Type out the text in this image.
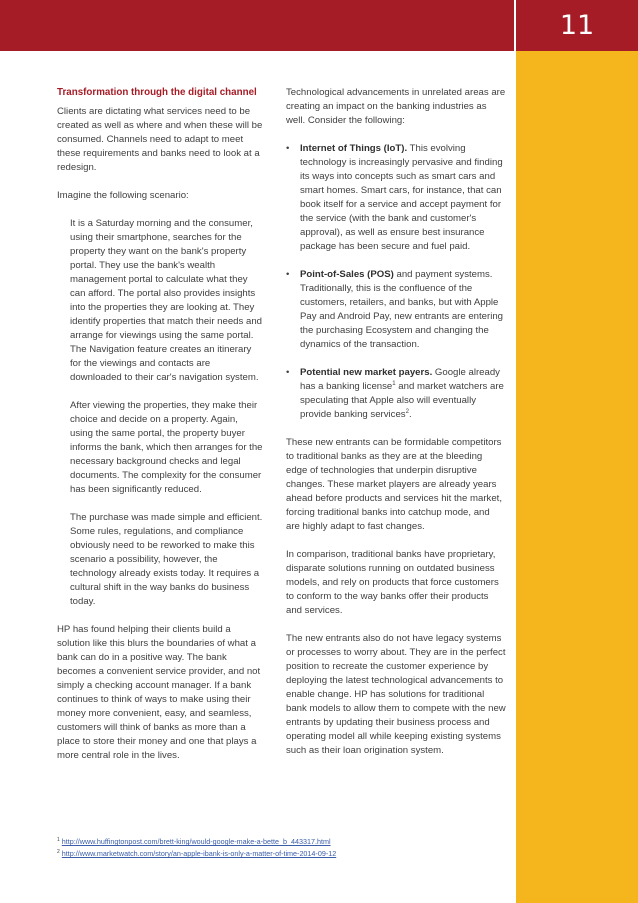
11
Transformation through the digital channel

Clients are dictating what services need to be created as well as where and when these will be consumed. Channels need to adapt to meet these requirements and banks need to look at a redesign.

Imagine the following scenario:

It is a Saturday morning and the consumer, using their smartphone, searches for the property they want on the bank's property portal. They use the bank's wealth management portal to calculate what they can afford. The portal also provides insights into the properties they are looking at. They identify properties that match their needs and arrange for viewings using the same portal. The Navigation feature creates an itinerary for the viewings and contacts are downloaded to their car's navigation system.

After viewing the properties, they make their choice and decide on a property. Again, using the same portal, the property buyer informs the bank, which then arranges for the necessary background checks and legal documents. The complexity for the consumer has been significantly reduced.

The purchase was made simple and efficient. Some rules, regulations, and compliance obviously need to be reworked to make this scenario a possibility, however, the technology already exists today. It requires a cultural shift in the way banks do business today.

HP has found helping their clients build a solution like this blurs the boundaries of what a bank can do in a positive way. The bank becomes a convenient service provider, and not simply a checking account manager. If a bank continues to think of ways to make using their money more convenient, easy, and seamless, customers will think of banks as more than a place to store their money and one that plays a more central role in the lives.

Technological advancements in unrelated areas are creating an impact on the banking industries as well. Consider the following:

• Internet of Things (IoT). This evolving technology is increasingly pervasive and finding its ways into concepts such as smart cars and smart homes. Smart cars, for instance, that can book itself for a service and accept payment for the service (with the bank and customer's approval), as well as ensure best insurance package has been secure and fuel paid.
• Point-of-Sales (POS) and payment systems. Traditionally, this is the confluence of the customers, retailers, and banks, but with Apple Pay and Android Pay, new entrants are entering the purchasing Ecosystem and changing the dynamics of the transaction.
• Potential new market payers. Google already has a banking license$^1$ and market watchers are speculating that Apple also will eventually provide banking services$^2$.

These new entrants can be formidable competitors to traditional banks as they are at the bleeding edge of technologies that underpin disruptive changes. These market players are already years ahead before products and services hit the market, forcing traditional banks into catchup mode, and are highly adapt to fast changes.

In comparison, traditional banks have proprietary, disparate solutions running on outdated business models, and rely on products that force customers to conform to the way banks offer their products and services.

The new entrants also do not have legacy systems or processes to worry about. They are in the perfect position to recreate the customer experience by deploying the latest technological advancements to enable change. HP has solutions for traditional bank models to allow them to compete with the new entrants by updating their business process and operating model all while keeping existing systems such as their loan origination system.

$^1$ http://www.huffingtonpost.com/brett-king/would-google-make-a-bette_b_443317.html
$^2$ http://www.marketwatch.com/story/an-apple-ibank-is-only-a-matter-of-time-2014-09-12
